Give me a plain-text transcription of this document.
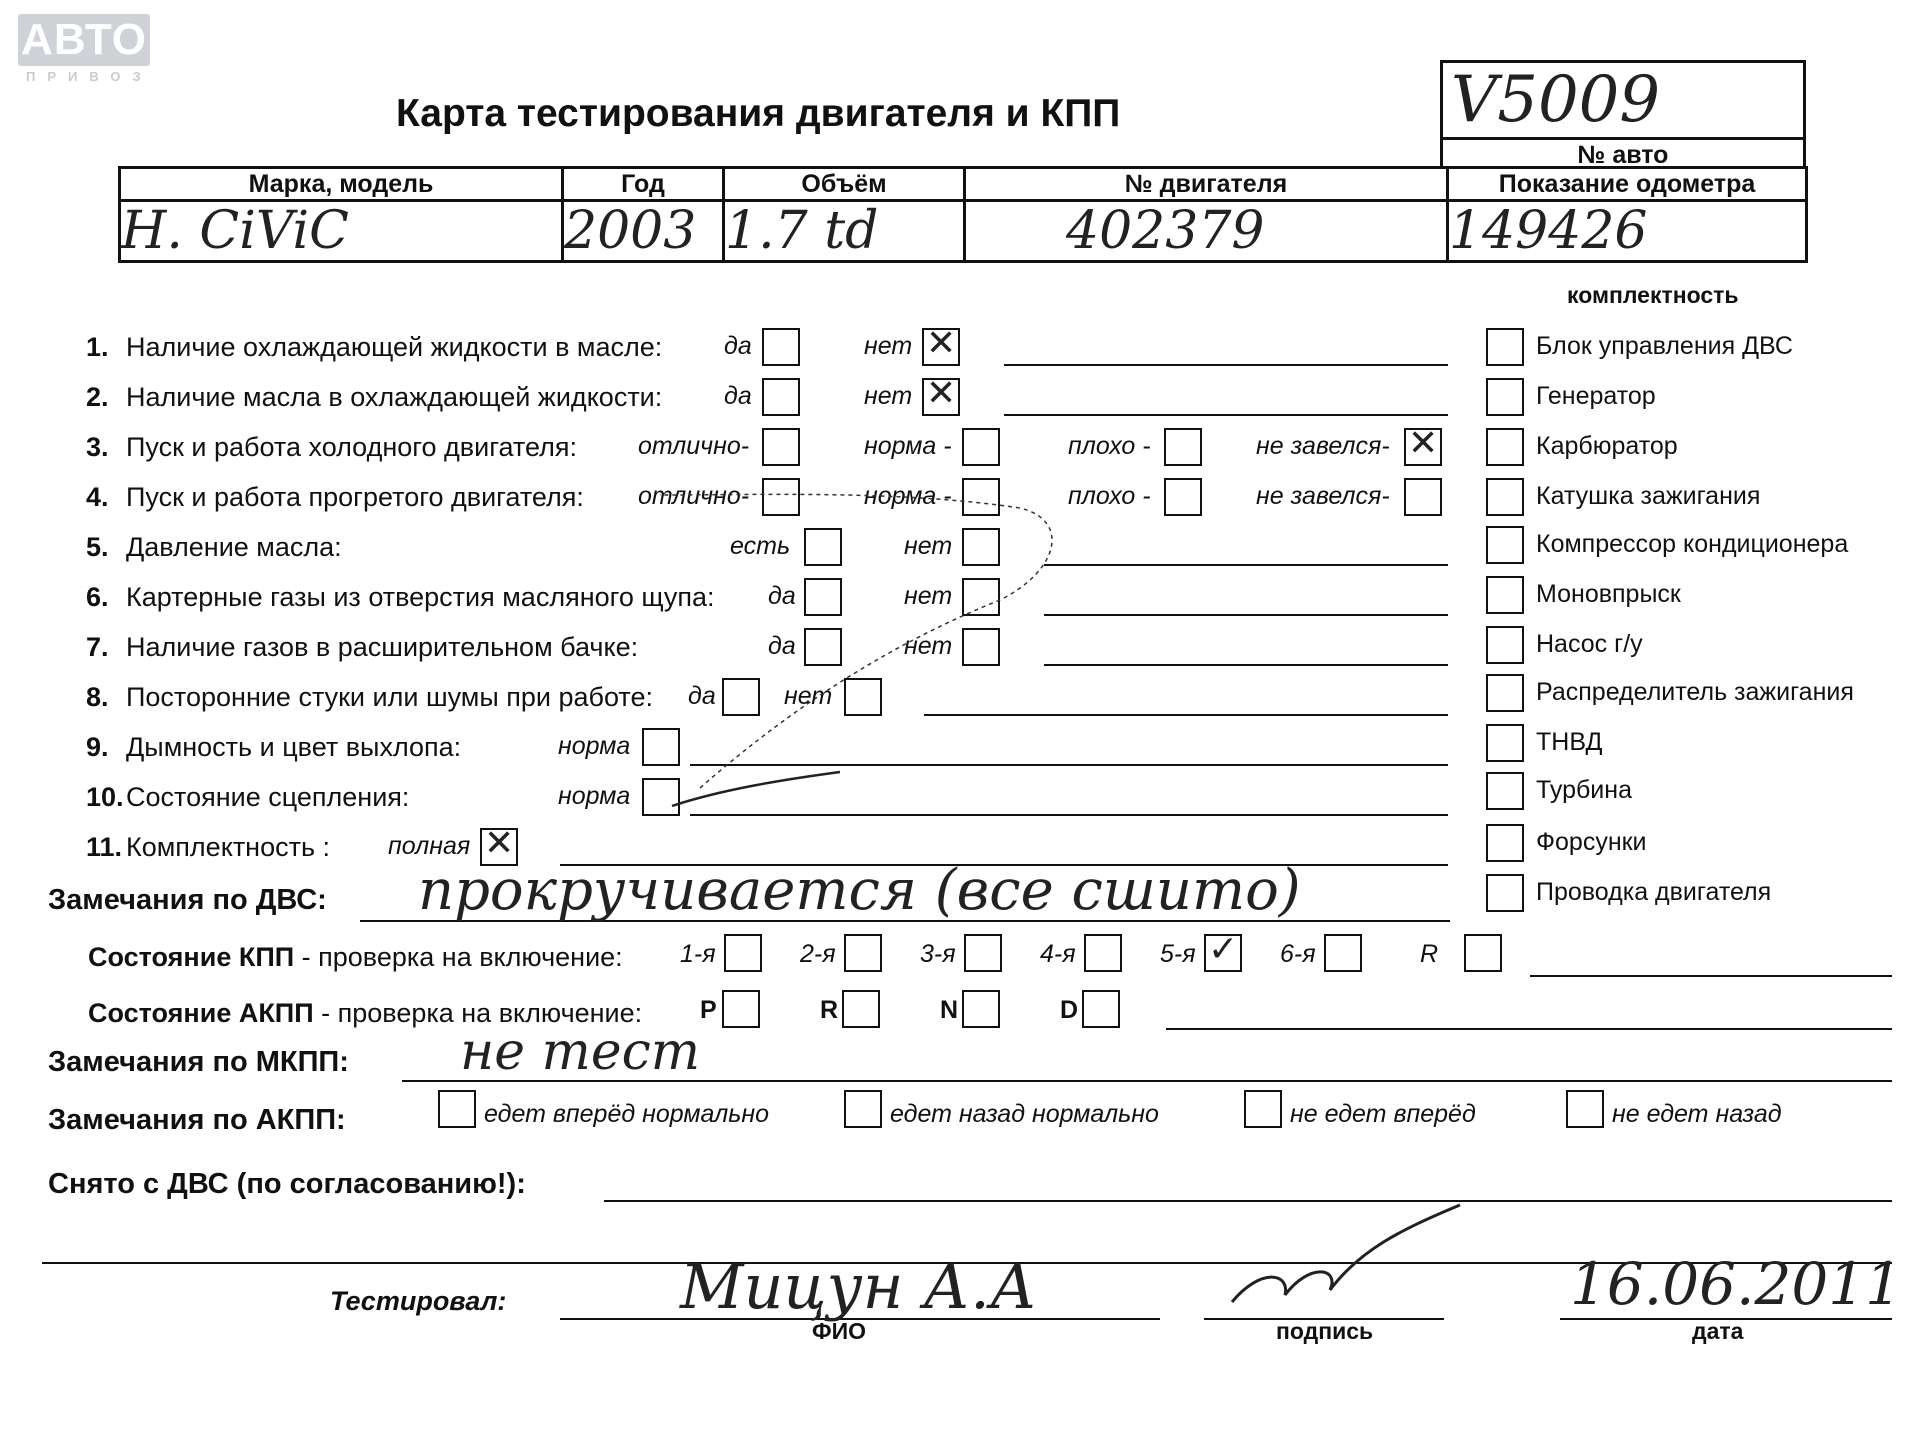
АВТО
ПРИВОЗ
Карта тестирования двигателя и КПП	V5009
№ авто
Марка, модель	Год	Объём	№ двигателя	Показание одометра
H. CiViC	2003	1.7 td	402379	149426
комплектность
Блок управления ДВС
Генератор
Карбюратор
Катушка зажигания
Компрессор кондиционера
Моновпрыск
Насос г/у
Распределитель зажигания
ТНВД
Турбина
Форсунки
Проводка двигателя
1. Наличие охлаждающей жидкости в масле: да	нет ✕
2. Наличие масла в охлаждающей жидкости: да	нет ✕
3. Пуск и работа холодного двигателя: отлично-	норма -	плохо -	не завелся- ✕
4. Пуск и работа прогретого двигателя: отлично-	норма -	плохо -	не завелся-
5. Давление масла:	есть	нет
6. Картерные газы из отверстия масляного щупа: да	нет
7. Наличие газов в расширительном бачке:	да	нет
8. Посторонние стуки или шумы при работе: да	нет
9. Дымность и цвет выхлопа:	норма
10. Состояние сцепления:	норма
11. Комплектность : полная ✕
Замечания по ДВС: прокручивается (все сшито)
Состояние КПП - проверка на включение: 1-я	2-я	3-я	4-я	5-я ✓ 6-я	R
Состояние АКПП - проверка на включение: P	R	N	D
Замечания по МКПП: не тест
Замечания по АКПП:	едет вперёд нормально	едет назад нормально	не едет вперёд	не едет назад
Снято с ДВС (по согласованию!):
Тестировал:	Мицун А.А	16.06.2011
ФИО	подпись	дата
